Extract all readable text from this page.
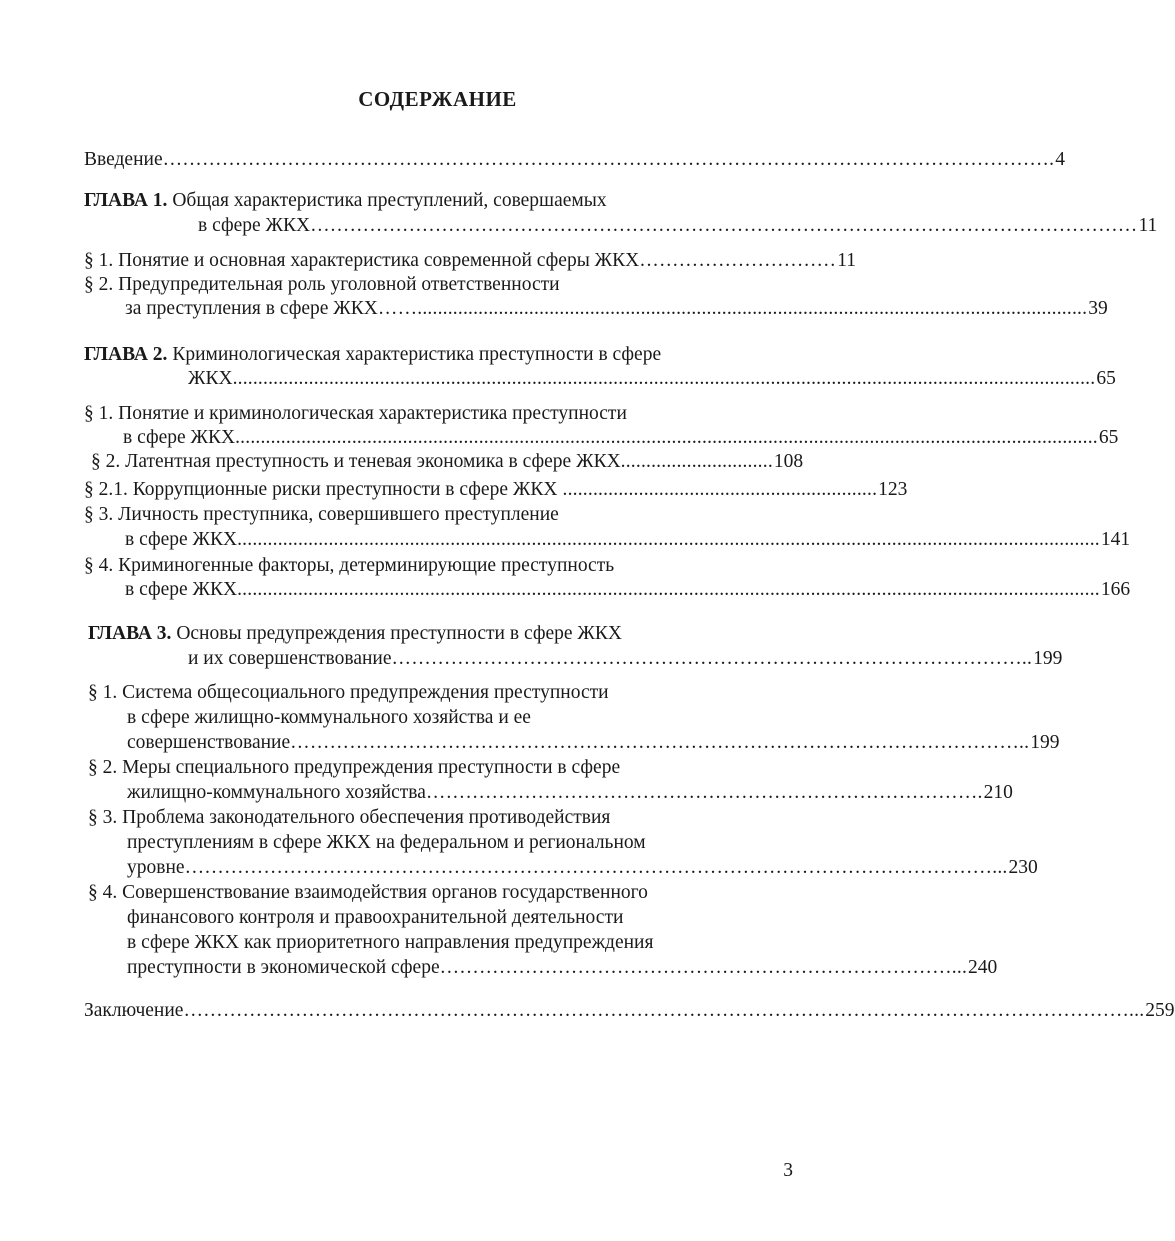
СОДЕРЖАНИЕ
Введение ………………………………………………………………………………………………………………………. 4
ГЛАВА 1. Общая характеристика преступлений, совершаемых
в сфере ЖКХ ……………………………………………………………………………………………………………… 11
§ 1. Понятие и основная характеристика современной сферы ЖКХ ………………………… 11
§ 2. Предупредительная роль уголовной ответственности
за преступления в сфере ЖКХ …….................................................................................................................................... 39
ГЛАВА 2. Криминологическая характеристика преступности в сфере
ЖКХ .......................................................................................................................................................................... 65
§ 1. Понятие и криминологическая характеристика преступности
в сфере ЖКХ .......................................................................................................................................................................... 65
§ 2. Латентная преступность и теневая экономика в сфере ЖКХ .............................. 108
§ 2.1. Коррупционные риски преступности в сфере ЖКХ .............................................................. 123
§ 3. Личность преступника, совершившего преступление
в сфере ЖКХ .......................................................................................................................................................................... 141
§ 4. Криминогенные факторы, детерминирующие преступность
в сфере ЖКХ .......................................................................................................................................................................... 166
ГЛАВА 3. Основы предупреждения преступности в сфере ЖКХ
и их совершенствование …………………………………………………………………………………….. 199
§ 1. Система общесоциального предупреждения преступности
в сфере жилищно-коммунального хозяйства и ее
совершенствование ………………………………………………………………………………………………….. 199
§ 2. Меры специального предупреждения преступности в сфере
жилищно-коммунального хозяйства …………………………………………………………………………. 210
§ 3. Проблема законодательного обеспечения противодействия
преступлениям в сфере ЖКХ на федеральном и региональном
уровне ……………………………………………………………………………………………………………... 230
§ 4. Совершенствование взаимодействия органов государственного
финансового контроля и правоохранительной деятельности
в сфере ЖКХ как приоритетного направления предупреждения
преступности в экономической сфере ……………………………………………………………………... 240
Заключение ………………………………………………………………………………………………………………………………... 259
3
